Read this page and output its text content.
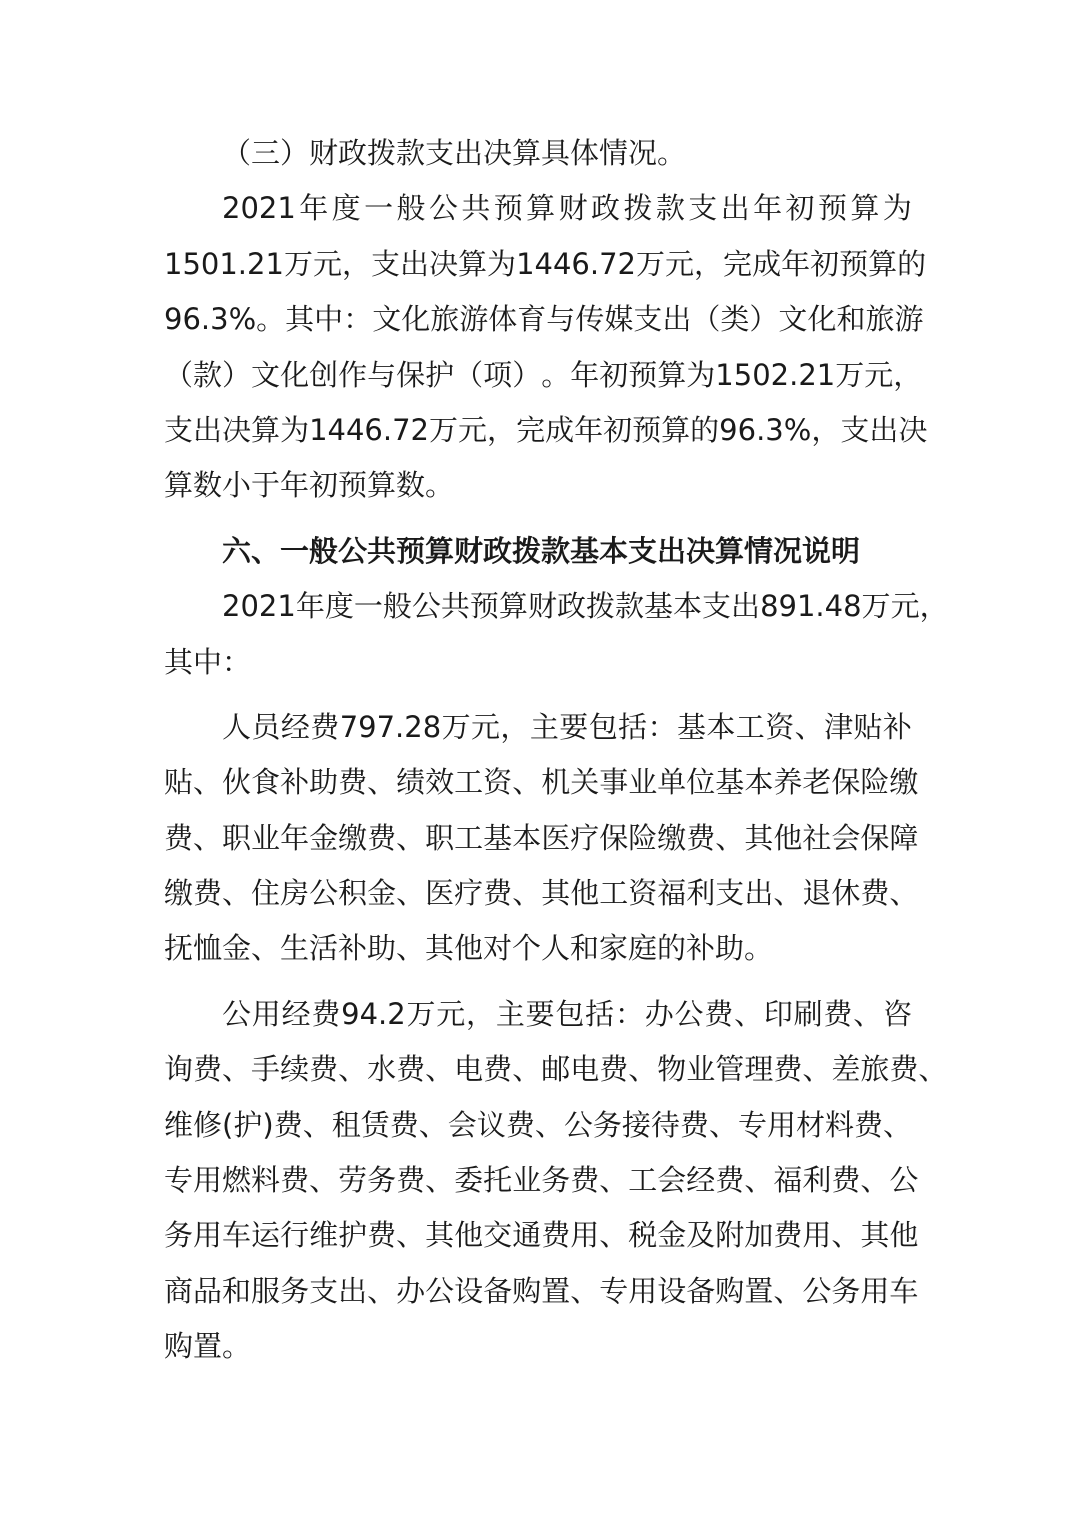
（三）财政拨款支出决算具体情况。
2021 年 度 一 般 公 共 预 算 财 政 拨 款 支 出 年 初 预 算 为
1501.21 万 元 ， 支 出 决 算 为 1446.72 万 元 ， 完 成 年 初 预 算 的
96.3% 。 其 中 ： 文 化 旅 游 体 育 与 传 媒 支 出 （ 类 ） 文 化 和 旅 游
（ 款 ） 文 化 创 作 与 保 护 （ 项 ） 。 年 初 预 算 为 1502.21 万 元 ，
支 出 决 算 为 1446.72 万 元 ， 完 成 年 初 预 算 的 96.3% ， 支 出 决
算数小于年初预算数。
六、一般公共预算财政拨款基本支出决算情况说明
2021 年 度 一 般 公 共 预 算 财 政 拨 款 基 本 支 出 891.48 万 元 ，
其中：
人 员 经 费 797.28 万 元 ， 主 要 包 括 ： 基 本 工 资 、 津 贴 补
贴 、 伙 食 补 助 费 、 绩 效 工 资 、 机 关 事 业 单 位 基 本 养 老 保 险 缴
费 、 职 业 年 金 缴 费 、 职 工 基 本 医 疗 保 险 缴 费 、 其 他 社 会 保 障
缴 费 、 住 房 公 积 金 、 医 疗 费 、 其 他 工 资 福 利 支 出 、 退 休 费 、
抚恤金、生活补助、其他对个人和家庭的补助。
公 用 经 费 94.2 万 元 ， 主 要 包 括 ： 办 公 费 、 印 刷 费 、 咨
询 费 、 手 续 费 、 水 费 、 电 费 、 邮 电 费 、 物 业 管 理 费 、 差 旅 费 、
维 修 ( 护 ) 费 、 租 赁 费 、 会 议 费 、 公 务 接 待 费 、 专 用 材 料 费 、
专 用 燃 料 费 、 劳 务 费 、 委 托 业 务 费 、 工 会 经 费 、 福 利 费 、 公
务 用 车 运 行 维 护 费 、 其 他 交 通 费 用 、 税 金 及 附 加 费 用 、 其 他
商 品 和 服 务 支 出 、 办 公 设 备 购 置 、 专 用 设 备 购 置 、 公 务 用 车
购置。
